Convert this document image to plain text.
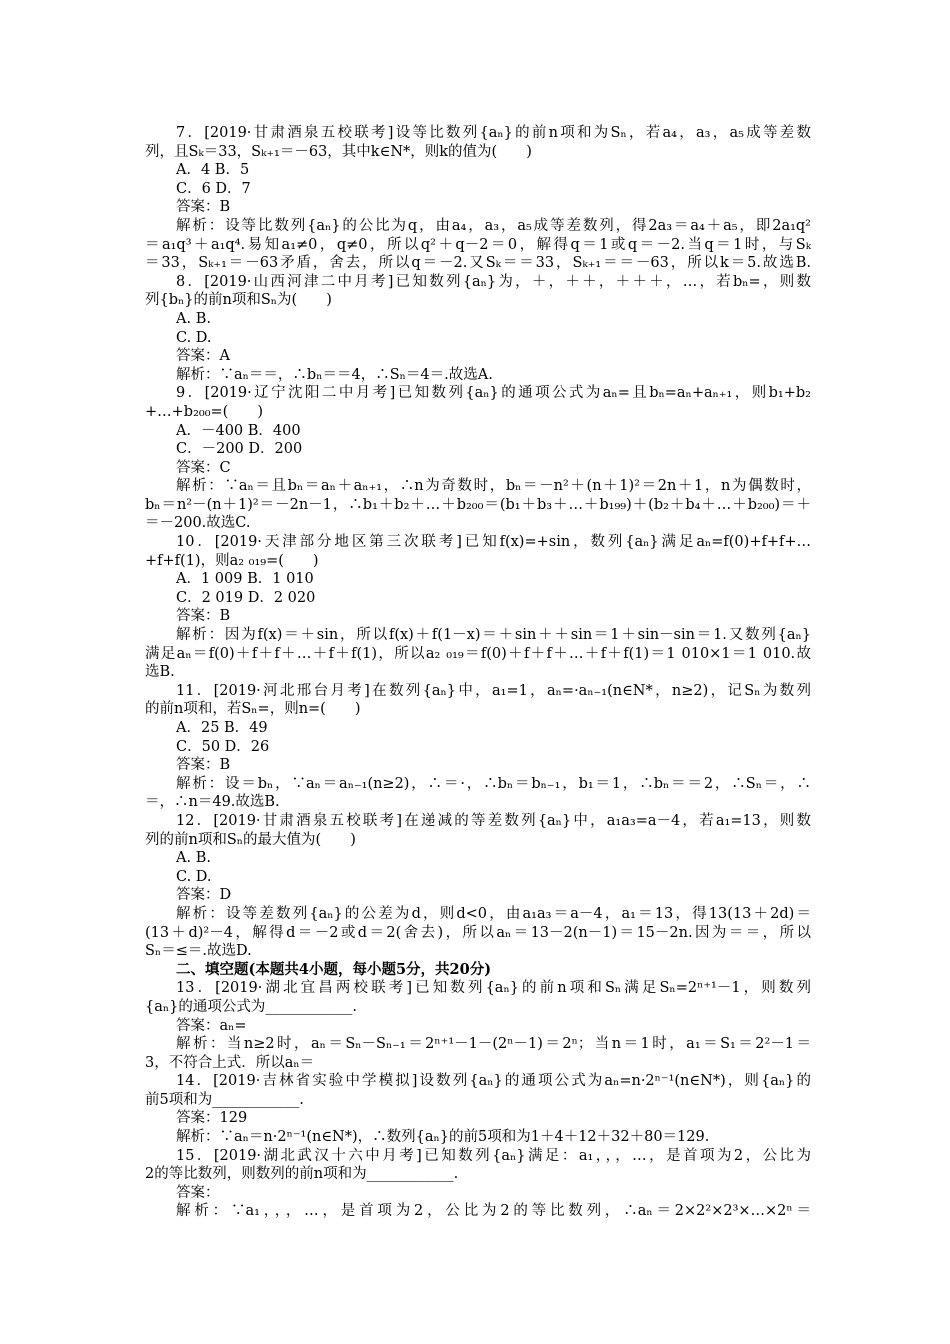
7．[2019·甘肃酒泉五校联考]设等比数列{aₙ}的前n项和为Sₙ，若a₄，a₃，a₅成等差数
列，且Sₖ＝33，Sₖ₊₁＝－63，其中k∈N*，则k的值为(　　)
A．4 B．5
C．6 D．7
答案：B
解析：设等比数列{aₙ}的公比为q，由a₄，a₃，a₅成等差数列，得2a₃＝a₄＋a₅，即2a₁q²
＝a₁q³＋a₁q⁴.易知a₁≠0，q≠0，所以q²＋q－2＝0，解得q＝1或q＝－2.当q＝1时，与Sₖ
＝33，Sₖ₊₁＝－63矛盾，舍去，所以q＝－2.又Sₖ＝＝33，Sₖ₊₁＝＝－63，所以k＝5.故选B.
8．[2019·山西河津二中月考]已知数列{aₙ}为，＋，＋＋，＋＋＋，…，若bₙ=，则数
列{bₙ}的前n项和Sₙ为(　　)
A. B.
C. D.
答案：A
解析：∵aₙ＝＝，∴bₙ＝＝4，∴Sₙ＝4＝.故选A.
9．[2019·辽宁沈阳二中月考]已知数列{aₙ}的通项公式为aₙ=且bₙ=aₙ+aₙ₊₁，则b₁+b₂
+…+b₂₀₀=(　　)
A．－400 B．400
C．－200 D．200
答案：C
解析：∵aₙ＝且bₙ＝aₙ＋aₙ₊₁，∴n为奇数时，bₙ＝－n²＋(n＋1)²＝2n＋1，n为偶数时，
bₙ＝n²－(n＋1)²＝－2n－1，∴b₁＋b₂＋…＋b₂₀₀＝(b₁＋b₃＋…＋b₁₉₉)＋(b₂＋b₄＋…＋b₂₀₀)＝＋
＝－200.故选C.
10．[2019·天津部分地区第三次联考]已知f(x)=+sin，数列{aₙ}满足aₙ=f(0)+f+f+…
+f+f(1)，则a₂ ₀₁₉=(　　)
A．1 009 B．1 010
C．2 019 D．2 020
答案：B
解析：因为f(x)＝＋sin，所以f(x)＋f(1－x)＝＋sin＋＋sin＝1＋sin－sin＝1.又数列{aₙ}
满足aₙ＝f(0)＋f＋f＋…＋f＋f(1)，所以a₂ ₀₁₉＝f(0)＋f＋f＋…＋f＋f(1)＝1 010×1＝1 010.故
选B.
11．[2019·河北邢台月考]在数列{aₙ}中，a₁=1，aₙ=·aₙ₋₁(n∈N*，n≥2)，记Sₙ为数列
的前n项和，若Sₙ=，则n=(　　)
A．25 B．49
C．50 D．26
答案：B
解析：设＝bₙ，∵aₙ＝aₙ₋₁(n≥2)，∴＝·，∴bₙ＝bₙ₋₁，b₁＝1，∴bₙ＝＝2，∴Sₙ＝，∴
＝，∴n＝49.故选B.
12．[2019·甘肃酒泉五校联考]在递减的等差数列{aₙ}中，a₁a₃=a－4，若a₁=13，则数
列的前n项和Sₙ的最大值为(　　)
A. B.
C. D.
答案：D
解析：设等差数列{aₙ}的公差为d，则d<0，由a₁a₃＝a－4，a₁＝13，得13(13＋2d)＝
(13＋d)²－4，解得d＝－2或d＝2(舍去)，所以aₙ＝13－2(n－1)＝15－2n.因为＝＝，所以
Sₙ＝≤＝.故选D.
二、填空题(本题共4小题，每小题5分，共20分)
13．[2019·湖北宜昌两校联考]已知数列{aₙ}的前n项和Sₙ满足Sₙ=2ⁿ⁺¹－1，则数列
{aₙ}的通项公式为____________.
答案：aₙ=
解析：当n≥2时，aₙ＝Sₙ－Sₙ₋₁＝2ⁿ⁺¹－1－(2ⁿ－1)＝2ⁿ；当n＝1时，a₁＝S₁＝2²－1＝
3，不符合上式．所以aₙ＝
14．[2019·吉林省实验中学模拟]设数列{aₙ}的通项公式为aₙ=n·2ⁿ⁻¹(n∈N*)，则{aₙ}的
前5项和为____________.
答案：129
解析：∵aₙ＝n·2ⁿ⁻¹(n∈N*)，∴数列{aₙ}的前5项和为1＋4＋12＋32＋80＝129.
15．[2019·湖北武汉十六中月考]已知数列{aₙ}满足：a₁，，，…，是首项为2，公比为
2的等比数列，则数列的前n项和为____________.
答案：
解析：∵a₁，，，…，是首项为2，公比为2的等比数列，∴aₙ＝2×2²×2³×…×2ⁿ＝
